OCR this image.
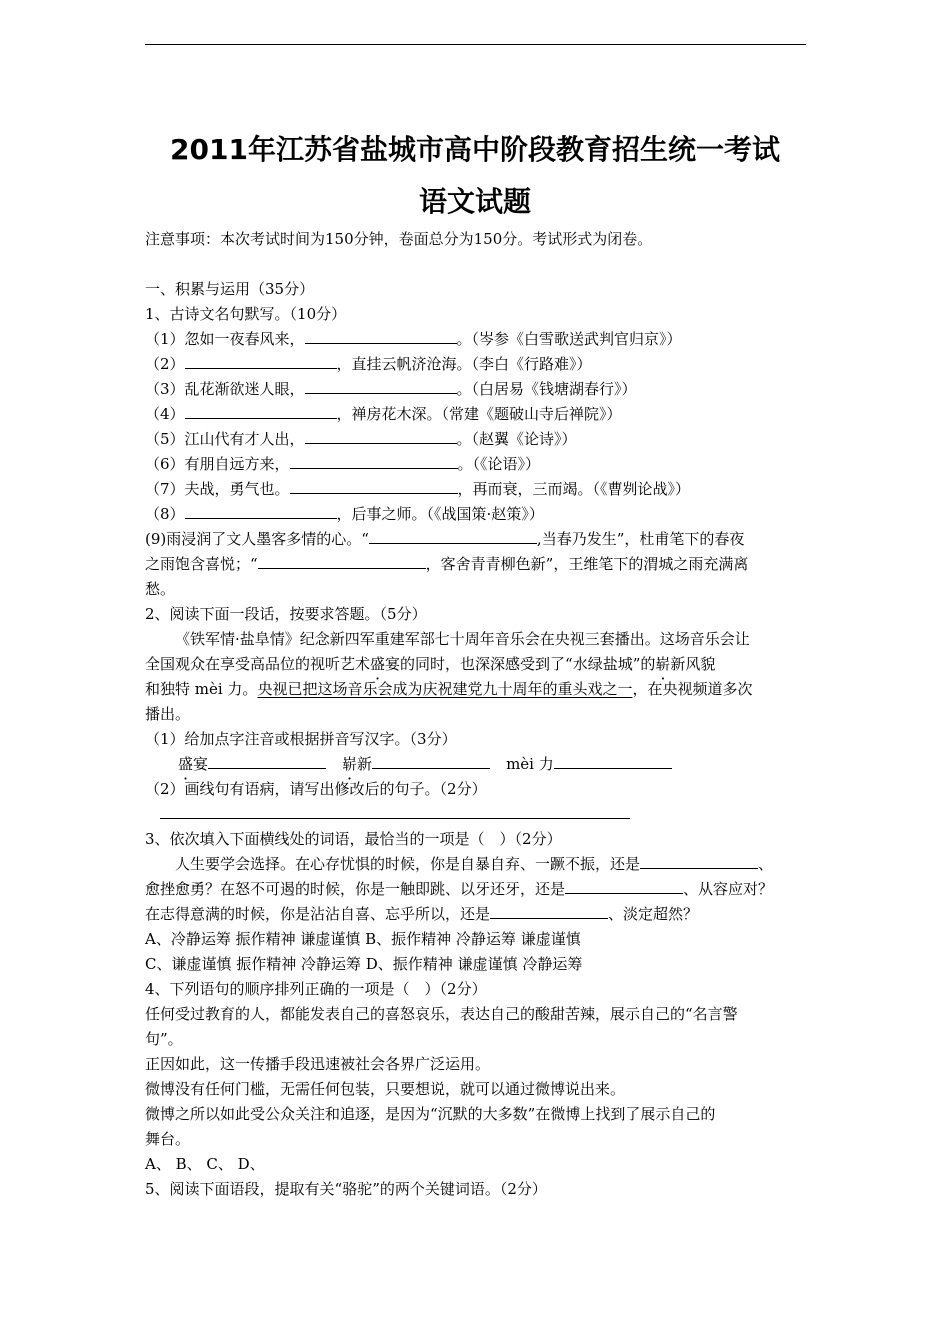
2011年江苏省盐城市高中阶段教育招生统一考试
语文试题
注意事项：本次考试时间为150分钟，卷面总分为150分。考试形式为闭卷。
一、积累与运用（35分）
1、古诗文名句默写。（10分）
（1）忽如一夜春风来，	。（岑参《白雪歌送武判官归京》）
（2）	，直挂云帆济沧海。（李白《行路难》）
（3）乱花渐欲迷人眼，	。（白居易《钱塘湖春行》）
（4）	，禅房花木深。（常建《题破山寺后禅院》）
（5）江山代有才人出，	。（赵翼《论诗》）
（6）有朋自远方来，	。（《论语》）
（7）夫战，勇气也。	，再而衰，三而竭。（《曹刿论战》）
（8）	，后事之师。（《战国策·赵策》）
(9)雨浸润了文人墨客多情的心。“	,当春乃发生”，杜甫笔下的春夜
之雨饱含喜悦；“	，客舍青青柳色新”，王维笔下的渭城之雨充满离
愁。
2、阅读下面一段话，按要求答题。（5分）
《铁军情·盐阜情》纪念新四军重建军部七十周年音乐会在央视三套播出。这场音乐会让
全国观众在享受高品位的视听艺术盛宴的同时，也深深感受到了“水绿盐城”的崭新风貌
和独特 mèi 力。央视已把这场音乐会成为庆祝建党九十周年的重头戏之一，在央视频道多次
播出。
（1）给加点字注音或根据拼音写汉字。（3分）
盛宴	崭新	mèi 力
（2）画线句有语病，请写出修改后的句子。（2分）
3、依次填入下面横线处的词语，最恰当的一项是（　）（2分）
人生要学会选择。在心存忧惧的时候，你是自暴自弃、一蹶不振，还是	、
愈挫愈勇？在怒不可遏的时候，你是一触即跳、以牙还牙，还是	、从容应对？
在志得意满的时候，你是沾沾自喜、忘乎所以，还是	、淡定超然？
A、冷静运筹 振作精神 谦虚谨慎 B、振作精神 冷静运筹 谦虚谨慎
C、谦虚谨慎 振作精神 冷静运筹 D、振作精神 谦虚谨慎 冷静运筹
4、下列语句的顺序排列正确的一项是（　）（2分）
任何受过教育的人，都能发表自己的喜怒哀乐，表达自己的酸甜苦辣，展示自己的“名言警
句”。
正因如此，这一传播手段迅速被社会各界广泛运用。
微博没有任何门槛，无需任何包装，只要想说，就可以通过微博说出来。
微博之所以如此受公众关注和追逐，是因为“沉默的大多数”在微博上找到了展示自己的
舞台。
A、 B、 C、 D、
5、阅读下面语段，提取有关“骆驼”的两个关键词语。（2分）
